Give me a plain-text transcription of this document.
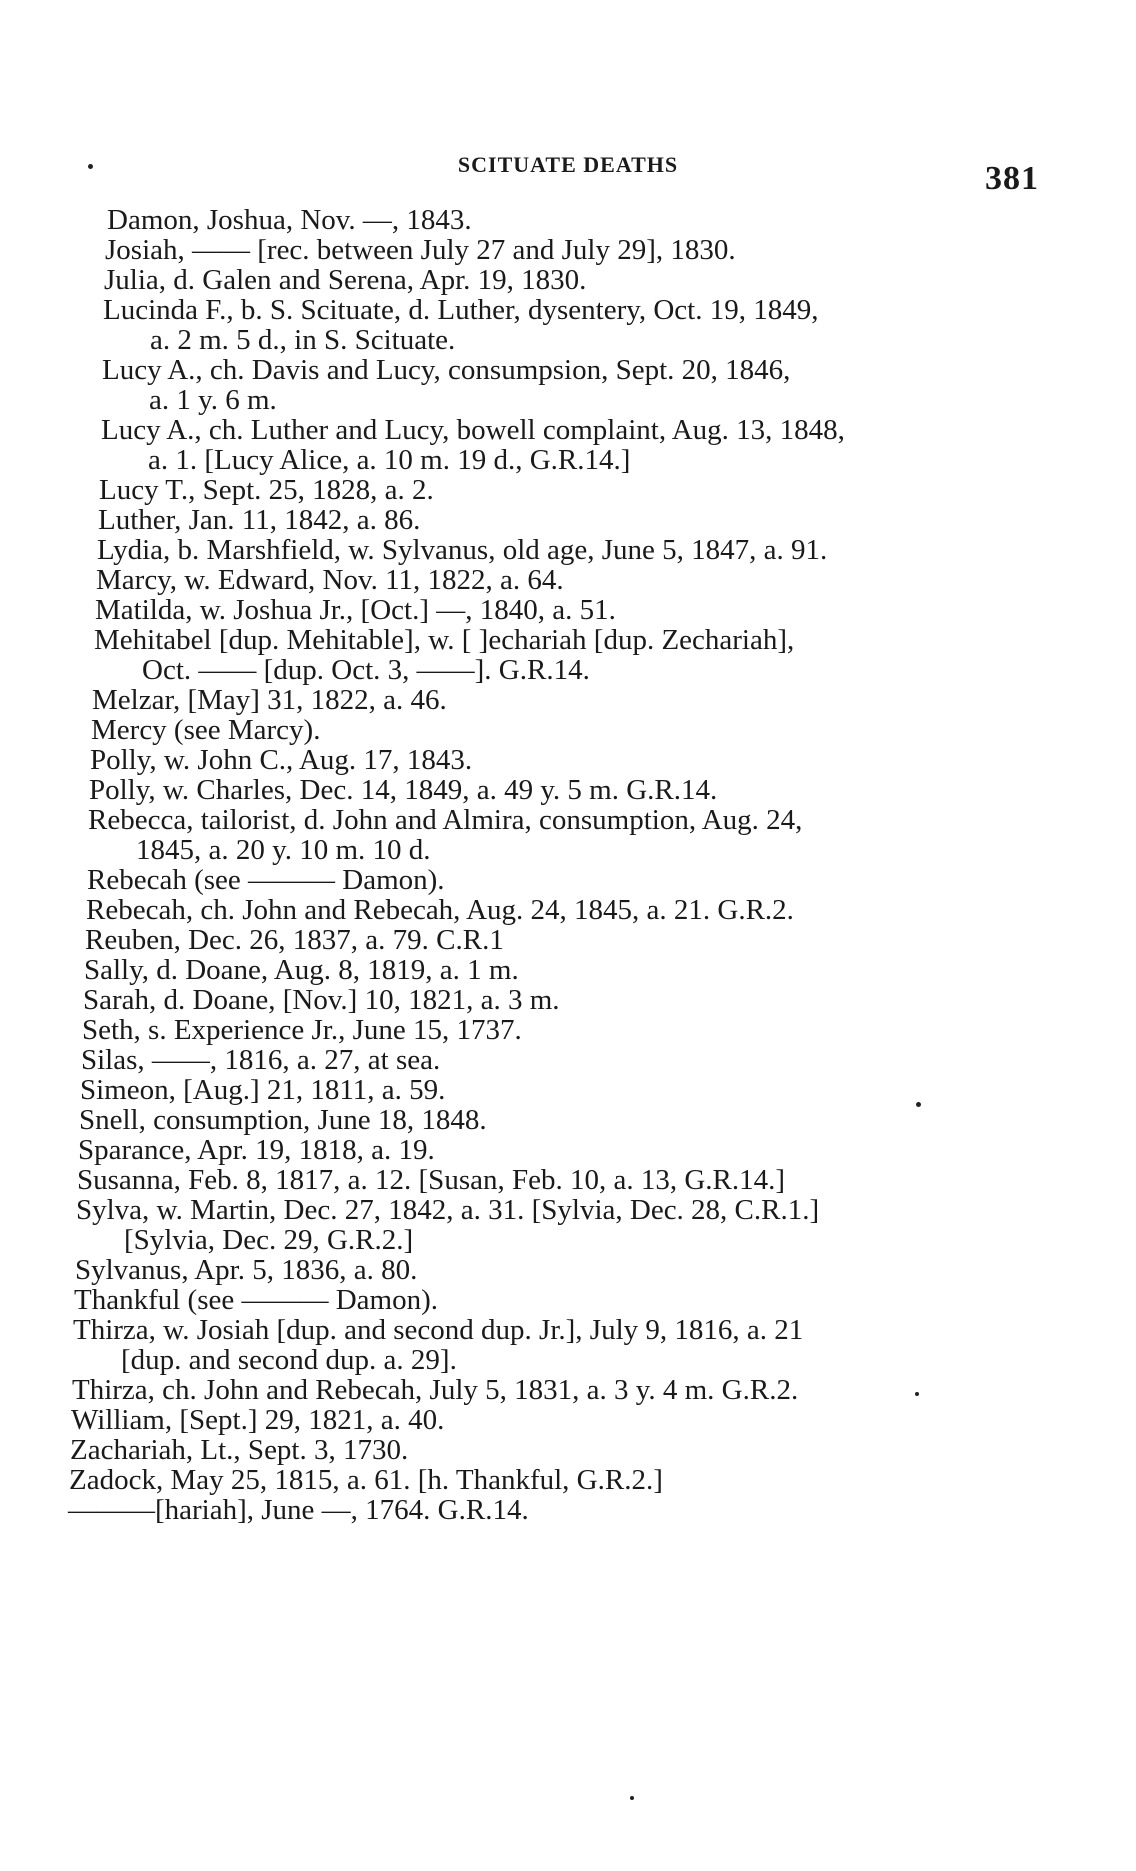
SCITUATE DEATHS	381
Damon, Joshua, Nov. —, 1843.
Josiah, —— [rec. between July 27 and July 29], 1830.
Julia, d. Galen and Serena, Apr. 19, 1830.
Lucinda F., b. S. Scituate, d. Luther, dysentery, Oct. 19, 1849,
a. 2 m. 5 d., in S. Scituate.
Lucy A., ch. Davis and Lucy, consumpsion, Sept. 20, 1846,
a. 1 y. 6 m.
Lucy A., ch. Luther and Lucy, bowell complaint, Aug. 13, 1848,
a. 1. [Lucy Alice, a. 10 m. 19 d., G.R.14.]
Lucy T., Sept. 25, 1828, a. 2.
Luther, Jan. 11, 1842, a. 86.
Lydia, b. Marshfield, w. Sylvanus, old age, June 5, 1847, a. 91.
Marcy, w. Edward, Nov. 11, 1822, a. 64.
Matilda, w. Joshua Jr., [Oct.] —, 1840, a. 51.
Mehitabel [dup. Mehitable], w. [ ]echariah [dup. Zechariah],
Oct. —— [dup. Oct. 3, ——]. G.R.14.
Melzar, [May] 31, 1822, a. 46.
Mercy (see Marcy).
Polly, w. John C., Aug. 17, 1843.
Polly, w. Charles, Dec. 14, 1849, a. 49 y. 5 m. G.R.14.
Rebecca, tailorist, d. John and Almira, consumption, Aug. 24,
1845, a. 20 y. 10 m. 10 d.
Rebecah (see ——— Damon).
Rebecah, ch. John and Rebecah, Aug. 24, 1845, a. 21. G.R.2.
Reuben, Dec. 26, 1837, a. 79. C.R.1
Sally, d. Doane, Aug. 8, 1819, a. 1 m.
Sarah, d. Doane, [Nov.] 10, 1821, a. 3 m.
Seth, s. Experience Jr., June 15, 1737.
Silas, ——, 1816, a. 27, at sea.
Simeon, [Aug.] 21, 1811, a. 59.
Snell, consumption, June 18, 1848.
Sparance, Apr. 19, 1818, a. 19.
Susanna, Feb. 8, 1817, a. 12. [Susan, Feb. 10, a. 13, G.R.14.]
Sylva, w. Martin, Dec. 27, 1842, a. 31. [Sylvia, Dec. 28, C.R.1.]
[Sylvia, Dec. 29, G.R.2.]
Sylvanus, Apr. 5, 1836, a. 80.
Thankful (see ——— Damon).
Thirza, w. Josiah [dup. and second dup. Jr.], July 9, 1816, a. 21
[dup. and second dup. a. 29].
Thirza, ch. John and Rebecah, July 5, 1831, a. 3 y. 4 m. G.R.2.
William, [Sept.] 29, 1821, a. 40.
Zachariah, Lt., Sept. 3, 1730.
Zadock, May 25, 1815, a. 61. [h. Thankful, G.R.2.]
———[hariah], June —, 1764. G.R.14.
